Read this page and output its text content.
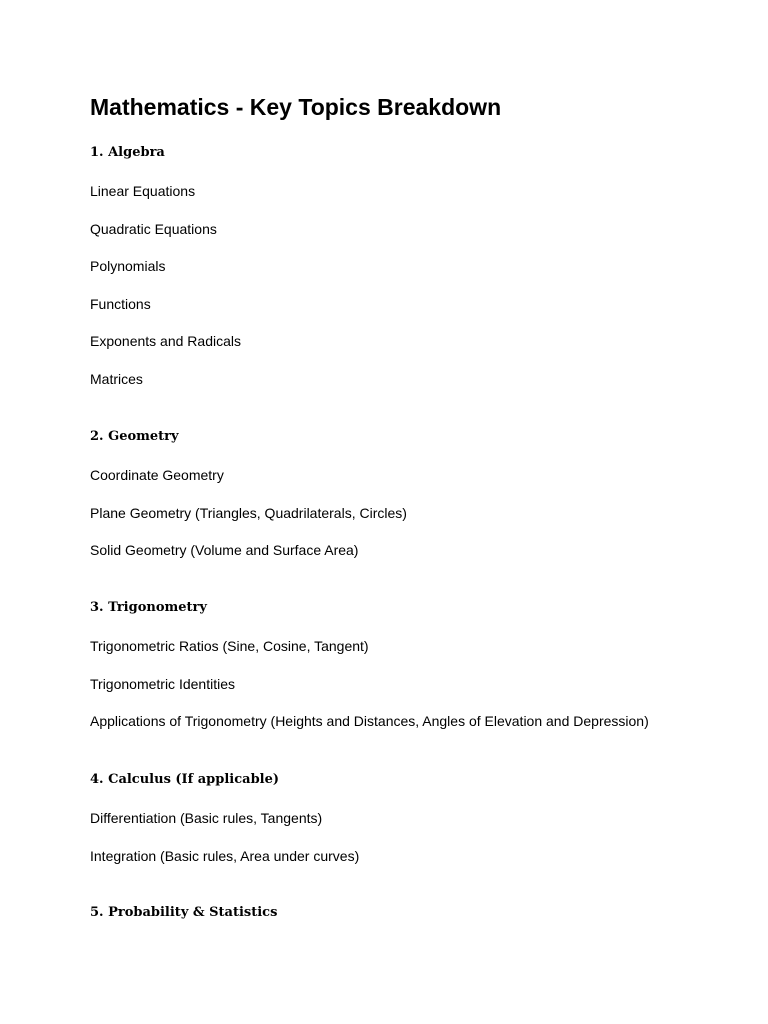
Mathematics - Key Topics Breakdown
1. Algebra
Linear Equations
Quadratic Equations
Polynomials
Functions
Exponents and Radicals
Matrices
2. Geometry
Coordinate Geometry
Plane Geometry (Triangles, Quadrilaterals, Circles)
Solid Geometry (Volume and Surface Area)
3. Trigonometry
Trigonometric Ratios (Sine, Cosine, Tangent)
Trigonometric Identities
Applications of Trigonometry (Heights and Distances, Angles of Elevation and Depression)
4. Calculus (If applicable)
Differentiation (Basic rules, Tangents)
Integration (Basic rules, Area under curves)
5. Probability & Statistics
